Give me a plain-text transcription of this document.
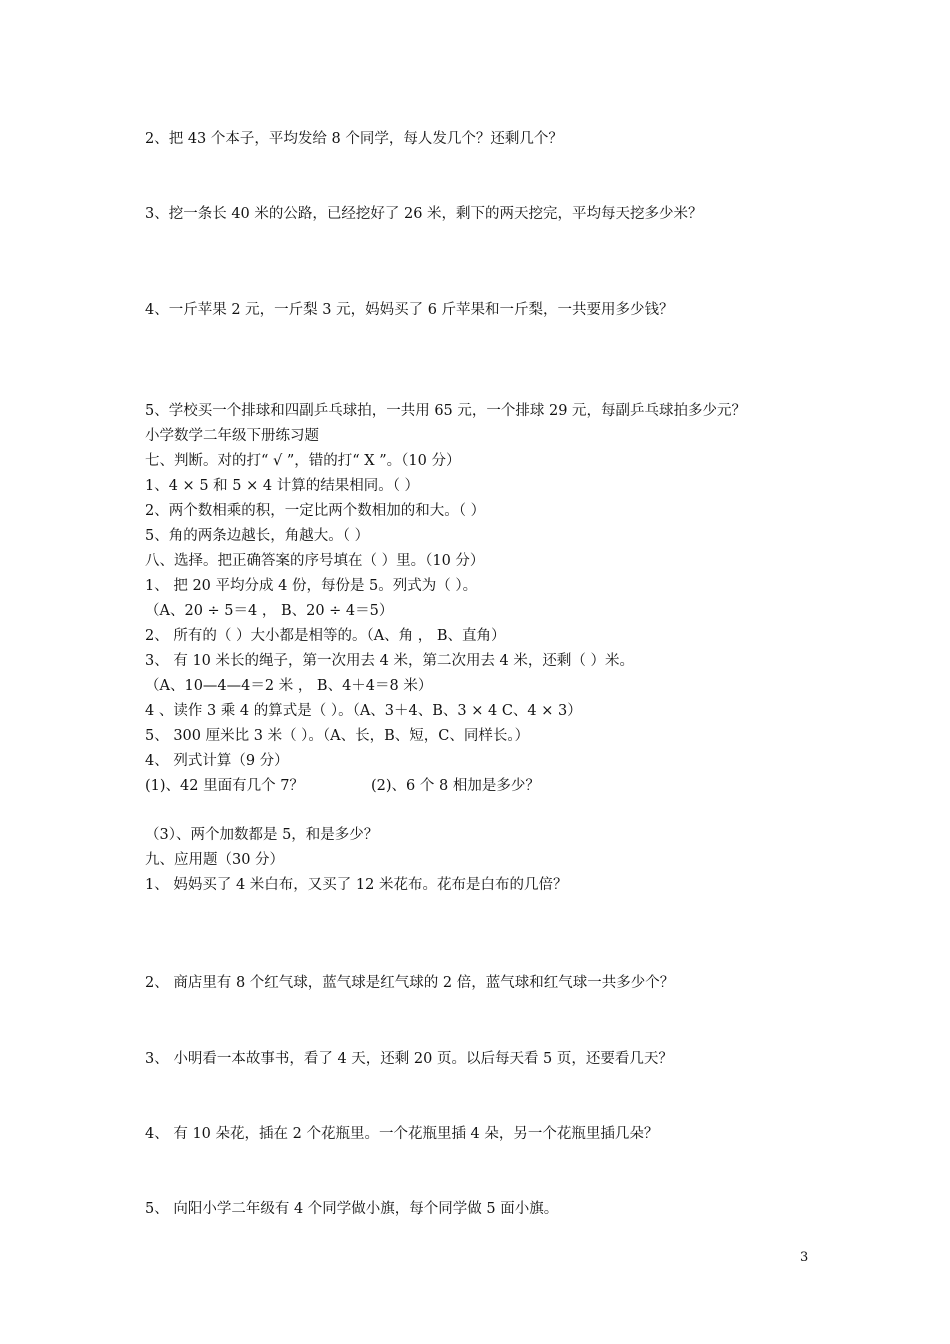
2、把 43 个本子，平均发给 8 个同学，每人发几个？还剩几个？
3、挖一条长 40 米的公路，已经挖好了 26 米，剩下的两天挖完，平均每天挖多少米？
4、一斤苹果 2 元，一斤梨 3 元，妈妈买了 6 斤苹果和一斤梨，一共要用多少钱？
5、学校买一个排球和四副乒乓球拍，一共用 65 元，一个排球 29 元，每副乒乓球拍多少元？
小学数学二年级下册练习题
七、判断。对的打“ √ ”，错的打“ X ”。（10 分）
1、4 × 5 和 5 × 4 计算的结果相同。（ ）
2、两个数相乘的积，一定比两个数相加的和大。（ ）
5、角的两条边越长，角越大。（ ）
八、选择。把正确答案的序号填在（ ）里。（10 分）
1、 把 20 平均分成 4 份，每份是 5。列式为（ ）。
（A、20 ÷ 5＝4 ， B、20 ÷ 4＝5）
2、 所有的（ ）大小都是相等的。（A、角 ， B、直角）
3、 有 10 米长的绳子，第一次用去 4 米，第二次用去 4 米，还剩（ ）米。
（A、10—4—4＝2 米 ， B、4＋4＝8 米）
4 、读作 3 乘 4 的算式是（ ）。（A、3＋4、B、3 × 4 C、4 × 3）
5、 300 厘米比 3 米（ ）。（A、长，B、短，C、同样长。）
4、 列式计算（9 分）
(1)、42 里面有几个 7？	(2)、6 个 8 相加是多少？
（3）、两个加数都是 5，和是多少？
九、应用题（30 分）
1、 妈妈买了 4 米白布，又买了 12 米花布。花布是白布的几倍？
2、 商店里有 8 个红气球，蓝气球是红气球的 2 倍，蓝气球和红气球一共多少个？
3、 小明看一本故事书，看了 4 天，还剩 20 页。以后每天看 5 页，还要看几天？
4、 有 10 朵花，插在 2 个花瓶里。一个花瓶里插 4 朵，另一个花瓶里插几朵？
5、 向阳小学二年级有 4 个同学做小旗，每个同学做 5 面小旗。
3
